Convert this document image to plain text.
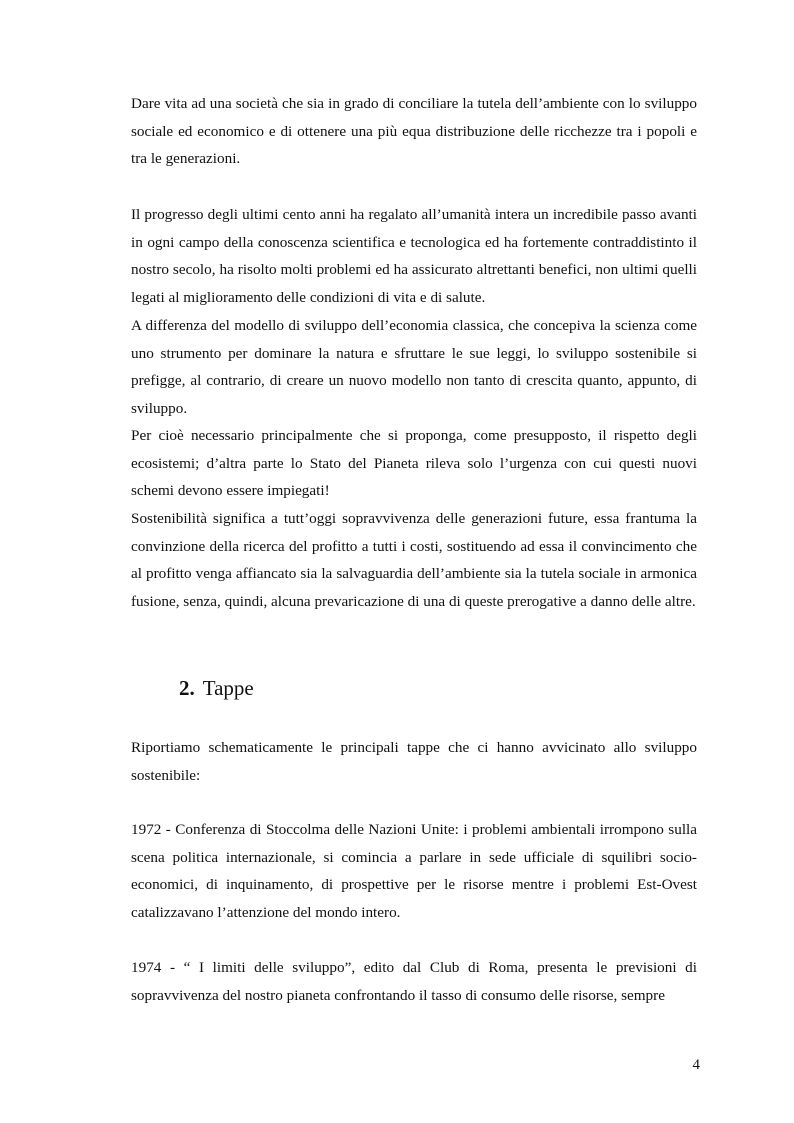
Dare vita ad una società che sia in grado di conciliare la tutela dell’ambiente con lo sviluppo sociale ed economico e di ottenere una più equa distribuzione delle ricchezze tra i popoli e tra le generazioni.

Il progresso degli ultimi cento anni ha regalato all’umanità intera un incredibile passo avanti in ogni campo della conoscenza scientifica e tecnologica ed ha fortemente contraddistinto il nostro secolo, ha risolto molti problemi ed ha assicurato altrettanti benefici, non ultimi quelli legati al miglioramento delle condizioni di vita e di salute.

A differenza del modello di sviluppo dell’economia classica, che concepiva la scienza come uno strumento per dominare la natura e sfruttare le sue leggi, lo sviluppo sostenibile si prefigge, al contrario, di creare un nuovo modello non tanto di crescita quanto, appunto, di sviluppo.

Per cioè necessario principalmente che si proponga, come presupposto, il rispetto degli ecosistemi; d’altra parte lo Stato del Pianeta rileva solo l’urgenza con cui questi nuovi schemi devono essere impiegati!

Sostenibilità significa a tutt’oggi sopravvivenza delle generazioni future, essa frantuma la convinzione della ricerca del profitto a tutti i costi, sostituendo ad essa il convincimento che al profitto venga affiancato sia la salvaguardia dell’ambiente sia la tutela sociale in armonica fusione, senza, quindi, alcuna prevaricazione di una di queste prerogative a danno delle altre.

2. Tappe

Riportiamo schematicamente le principali tappe che ci hanno avvicinato allo sviluppo sostenibile:

1972 - Conferenza di Stoccolma delle Nazioni Unite: i problemi ambientali irrompono sulla scena politica internazionale, si comincia a parlare in sede ufficiale di squilibri socio-economici, di inquinamento, di prospettive per le risorse mentre i problemi Est-Ovest catalizzavano l’attenzione del mondo intero.

1974 - “ I limiti delle sviluppo”, edito dal Club di Roma, presenta le previsioni di sopravvivenza del nostro pianeta confrontando il tasso di consumo delle risorse, sempre

4
